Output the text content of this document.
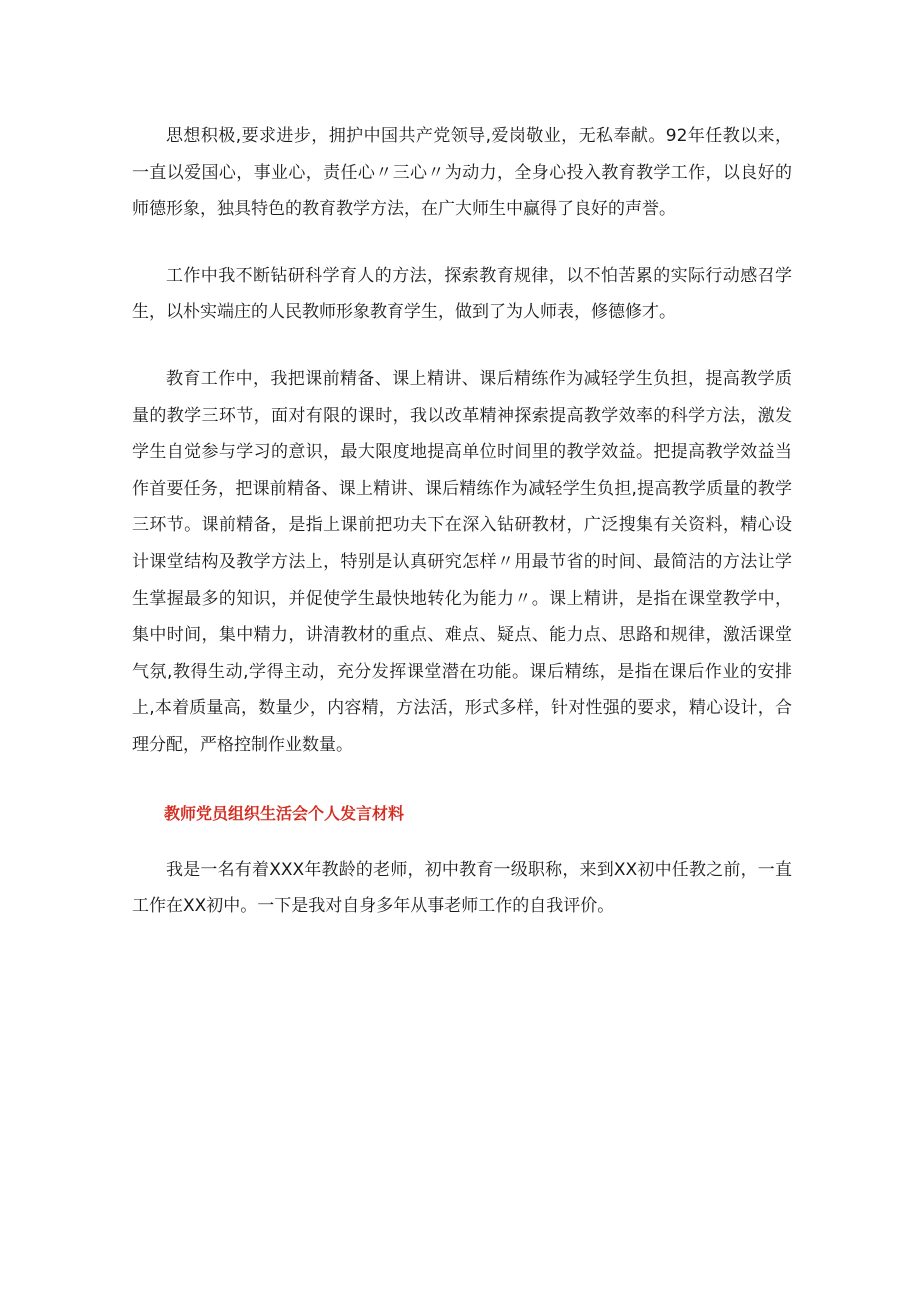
思想积极,要求进步，拥护中国共产党领导,爱岗敬业，无私奉献。92年任教以来，一直以爱国心，事业心，责任心〃三心〃为动力，全身心投入教育教学工作，以良好的师德形象，独具特色的教育教学方法，在广大师生中赢得了良好的声誉。

工作中我不断钻研科学育人的方法，探索教育规律，以不怕苦累的实际行动感召学生，以朴实端庄的人民教师形象教育学生，做到了为人师表，修德修才。

教育工作中，我把课前精备、课上精讲、课后精练作为减轻学生负担，提高教学质量的教学三环节，面对有限的课时，我以改革精神探索提高教学效率的科学方法，激发学生自觉参与学习的意识，最大限度地提高单位时间里的教学效益。把提高教学效益当作首要任务，把课前精备、课上精讲、课后精练作为减轻学生负担,提高教学质量的教学三环节。课前精备，是指上课前把功夫下在深入钻研教材，广泛搜集有关资料，精心设计课堂结构及教学方法上，特别是认真研究怎样〃用最节省的时间、最简洁的方法让学生掌握最多的知识，并促使学生最快地转化为能力〃。课上精讲，是指在课堂教学中，集中时间，集中精力，讲清教材的重点、难点、疑点、能力点、思路和规律，激活课堂气氛,教得生动,学得主动，充分发挥课堂潜在功能。课后精练，是指在课后作业的安排上,本着质量高，数量少，内容精，方法活，形式多样，针对性强的要求，精心设计，合理分配，严格控制作业数量。

教师党员组织生活会个人发言材料

我是一名有着XXX年教龄的老师，初中教育一级职称，来到XX初中任教之前，一直工作在XX初中。一下是我对自身多年从事老师工作的自我评价。
